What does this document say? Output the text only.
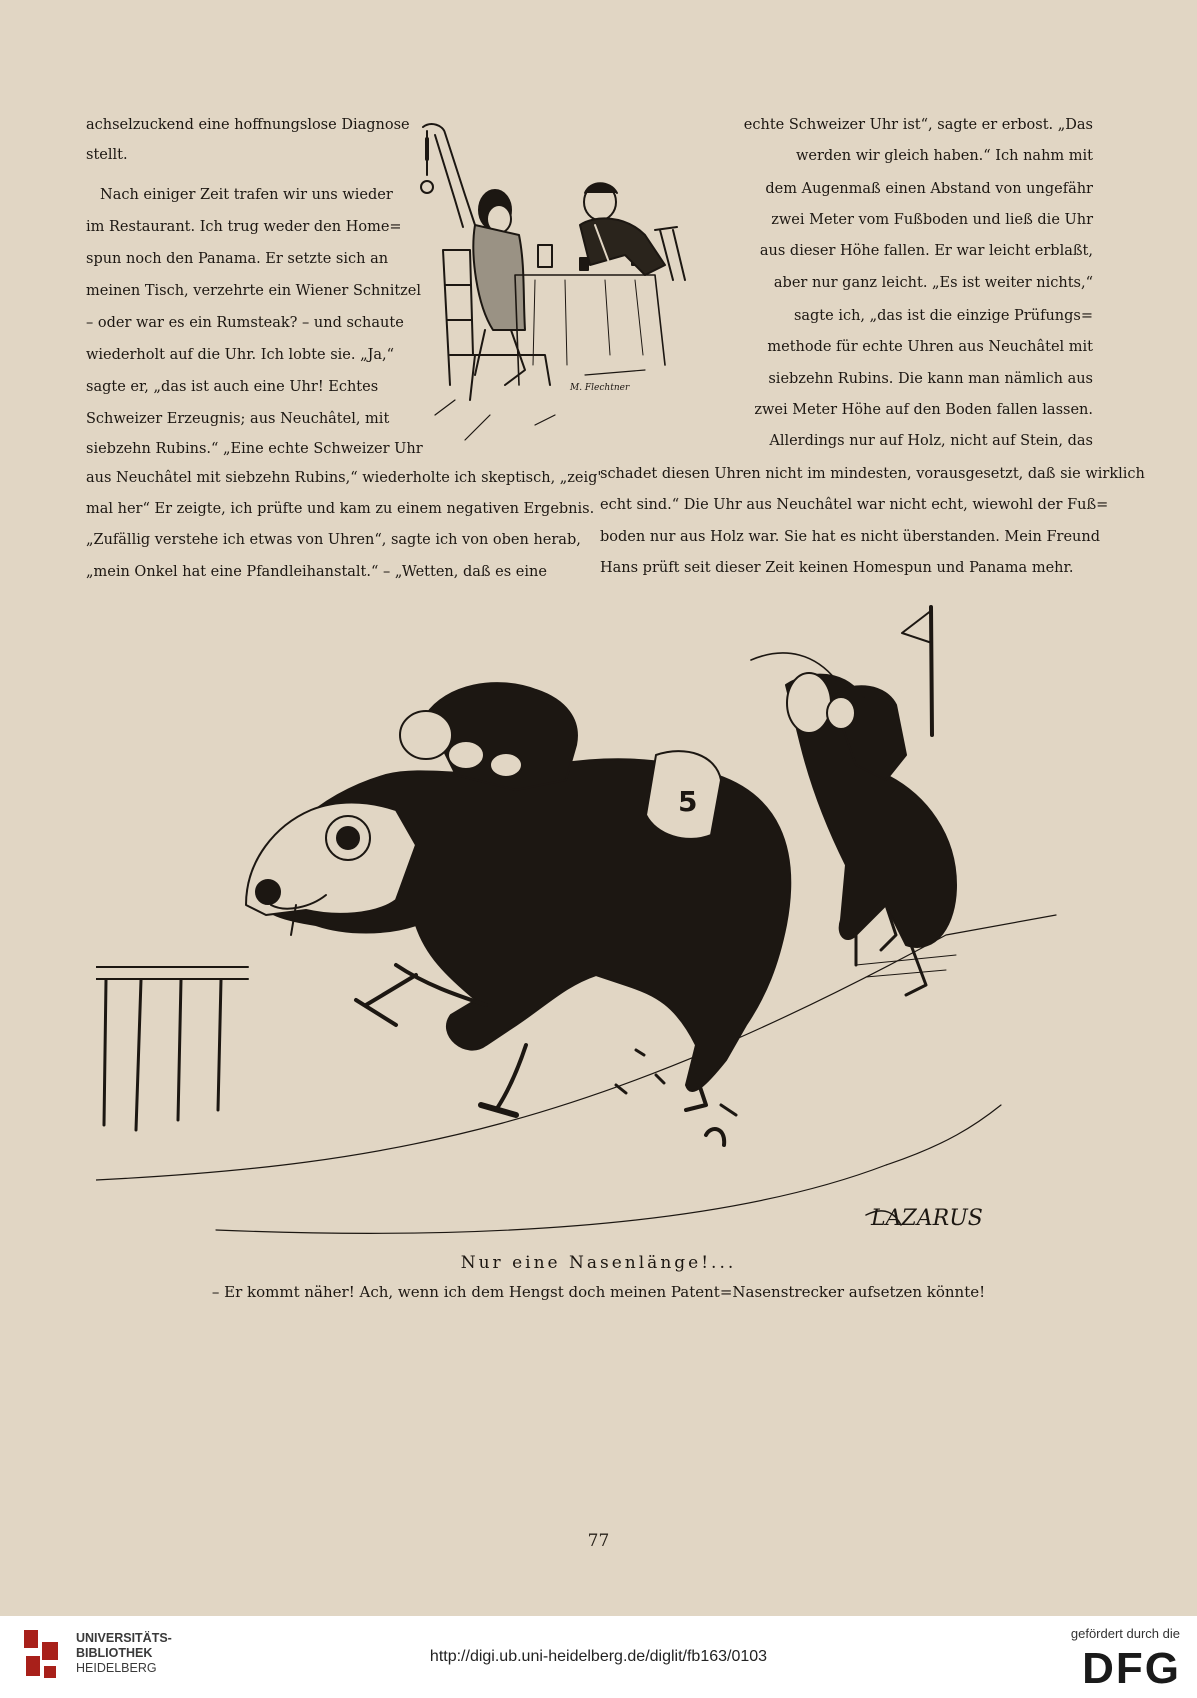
achselzuckend eine hoffnungslose Diagnose
stellt.
Nach einiger Zeit trafen wir uns wieder
im Restaurant. Ich trug weder den Home=
spun noch den Panama. Er setzte sich an
meinen Tisch, verzehrte ein Wiener Schnitzel
– oder war es ein Rumsteak? – und schaute
wiederholt auf die Uhr. Ich lobte sie. „Ja,“
sagte er, „das ist auch eine Uhr! Echtes
Schweizer Erzeugnis; aus Neuchâtel, mit
siebzehn Rubins.“ „Eine echte Schweizer Uhr
echte Schweizer Uhr ist“, sagte er erbost. „Das
werden wir gleich haben.“ Ich nahm mit
dem Augenmaß einen Abstand von ungefähr
zwei Meter vom Fußboden und ließ die Uhr
aus dieser Höhe fallen. Er war leicht erblaßt,
aber nur ganz leicht. „Es ist weiter nichts,“
sagte ich, „das ist die einzige Prüfungs=
methode für echte Uhren aus Neuchâtel mit
siebzehn Rubins. Die kann man nämlich aus
zwei Meter Höhe auf den Boden fallen lassen.
Allerdings nur auf Holz, nicht auf Stein, das
aus Neuchâtel mit siebzehn Rubins,“ wiederholte ich skeptisch, „zeig'
mal her“ Er zeigte, ich prüfte und kam zu einem negativen Ergebnis.
„Zufällig verstehe ich etwas von Uhren“, sagte ich von oben herab,
„mein Onkel hat eine Pfandleihanstalt.“ – „Wetten, daß es eine
schadet diesen Uhren nicht im mindesten, vorausgesetzt, daß sie wirklich
echt sind.“ Die Uhr aus Neuchâtel war nicht echt, wiewohl der Fuß=
boden nur aus Holz war. Sie hat es nicht überstanden. Mein Freund
Hans prüft seit dieser Zeit keinen Homespun und Panama mehr.
M. Flechtner
5
LAZARUS
Nur eine Nasenlänge!...
– Er kommt näher! Ach, wenn ich dem Hengst doch meinen Patent=Nasenstrecker aufsetzen könnte!
77
UNIVERSITÄTS-
BIBLIOTHEK
HEIDELBERG
http://digi.ub.uni-heidelberg.de/diglit/fb163/0103
gefördert durch die
DFG
